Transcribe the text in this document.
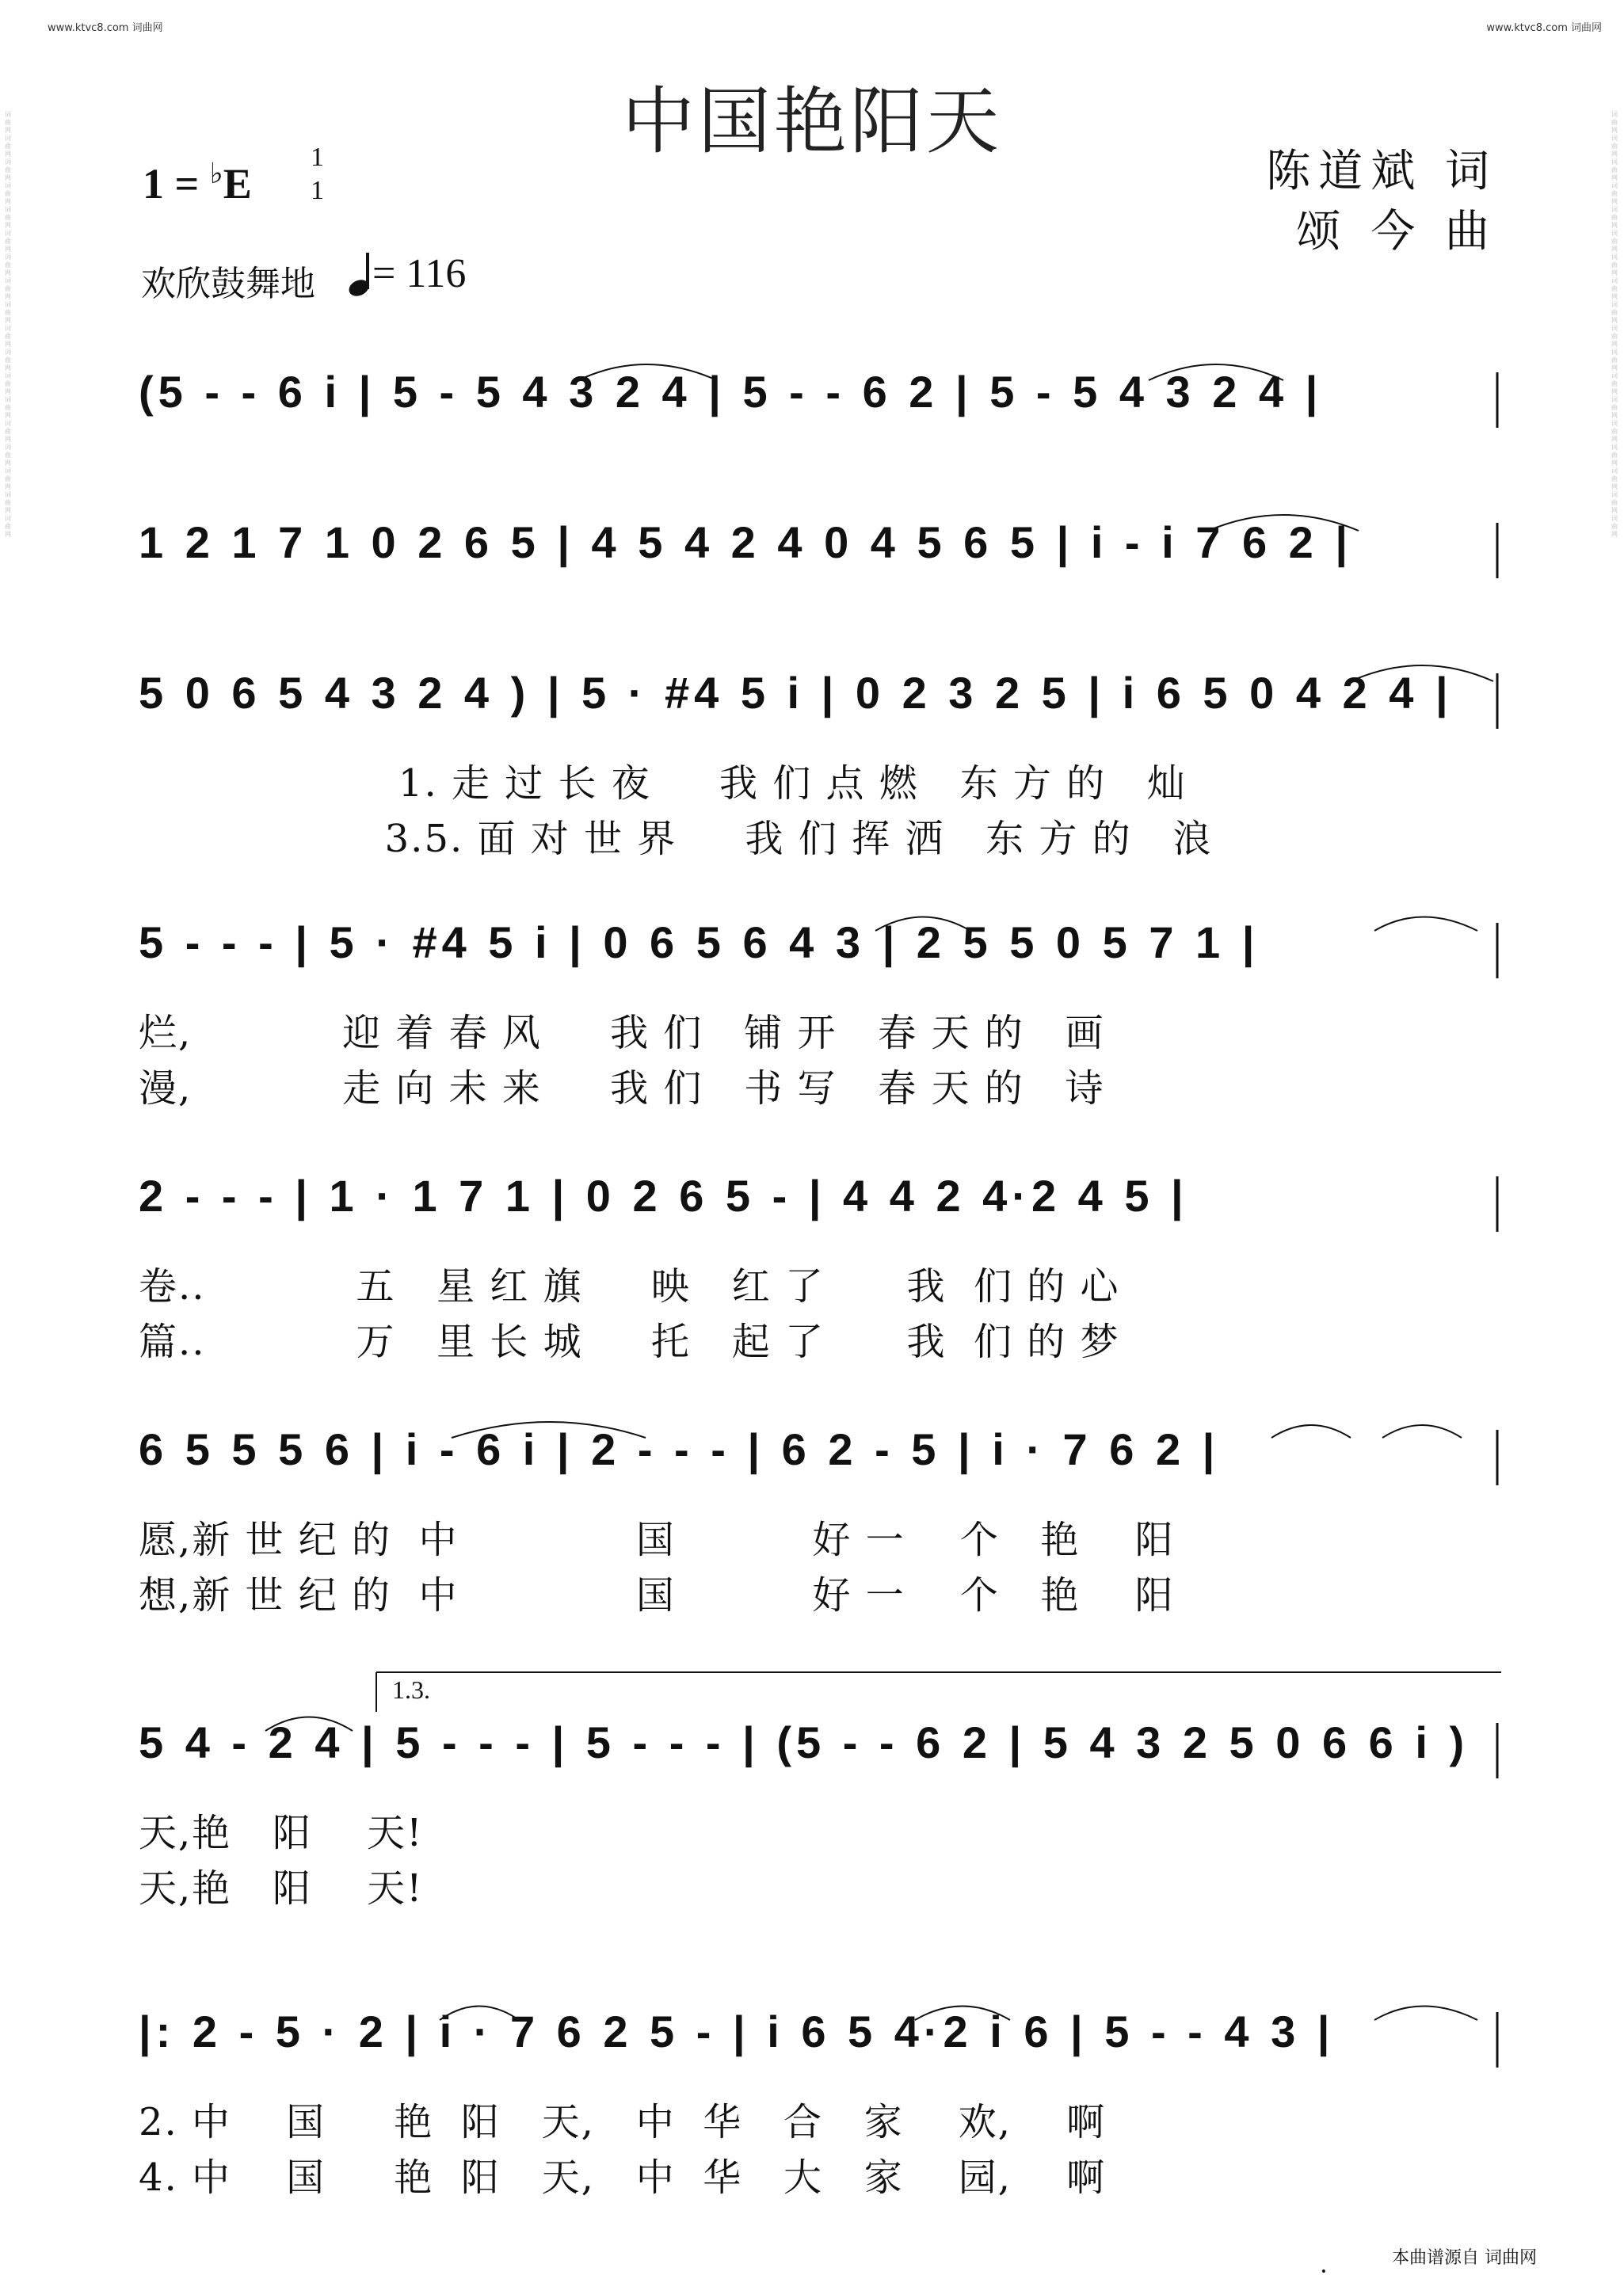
www.ktvc8.com 词曲网	www.ktvc8.com 词曲网
词曲网词曲网词曲网词曲网词曲网词曲网词曲网词曲网词曲网词曲网词曲网词曲网词曲网词曲网词曲网词曲网词曲网词曲网
词曲网词曲网词曲网词曲网词曲网词曲网词曲网词曲网词曲网词曲网词曲网词曲网词曲网词曲网词曲网词曲网词曲网词曲网
中国艳阳天
1 = ♭E
1
1
欢欣鼓舞地	= 116
陈道斌 词
颂 今 曲
(5 - - 6 i | 5 - 5 4 3 2 4 | 5 - - 6 2 | 5 - 5 4 3 2 4 |
1 2 1 7 1 0 2 6 5 | 4 5 4 2 4 0 4 5 6 5 | i - i 7 6 2 |
5 0 6 5 4 3 2 4 ) | 5 · #4 5 i | 0 2 3 2 5 | i 6 5 0 4 2 4 |
1. 走 过 长 夜     我 们 点 燃   东 方 的   灿
3.5. 面 对 世 界     我 们 挥 洒   东 方 的   浪
5 - - - | 5 · #4 5 i | 0 6 5 6 4 3 | 2 5 5 0 5 7 1 |
烂,           迎 着 春 风     我 们   铺 开   春 天 的   画
漫,           走 向 未 来     我 们   书 写   春 天 的   诗
2 - - - | 1 · 1 7 1 | 0 2 6 5 - | 4 4 2 4·2 4 5 |
卷..           五   星 红 旗     映   红 了      我  们 的 心
篇..           万   里 长 城     托   起 了      我  们 的 梦
6 5 5 5 6 | i - 6 i | 2 - - - | 6 2 - 5 | i · 7 6 2 |
愿,新 世 纪 的  中             国          好 一    个   艳    阳
想,新 世 纪 的  中             国          好 一    个   艳    阳
1.3.
5 4 - 2 4 | 5 - - - | 5 - - - | (5 - - 6 2 | 5 4 3 2 5 0 6 6 i )
天,艳   阳    天!
天,艳   阳    天!
|: 2 - 5 · 2 | i · 7 6 2 5 - | i 6 5 4·2 i 6 | 5 - - 4 3 |
2. 中    国     艳  阳   天,   中  华   合   家    欢,    啊
4. 中    国     艳  阳   天,   中  华   大   家    园,    啊
本曲谱源自 词曲网
•
